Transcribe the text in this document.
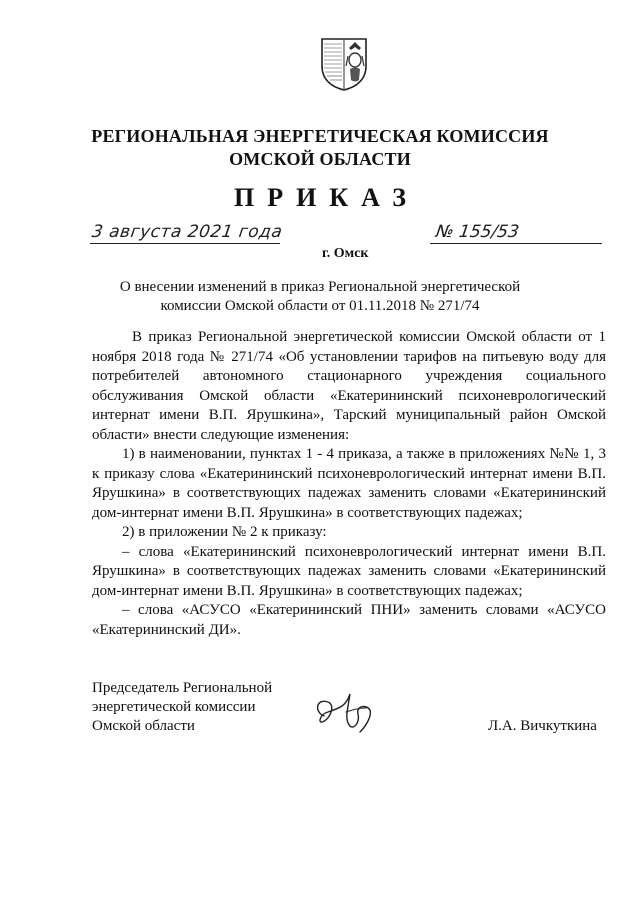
РЕГИОНАЛЬНАЯ ЭНЕРГЕТИЧЕСКАЯ КОМИССИЯ
ОМСКОЙ ОБЛАСТИ
ПРИКАЗ
3 августа 2021 года
г. Омск
№ 155/53
О внесении изменений в приказ Региональной энергетической
комиссии Омской области от 01.11.2018 № 271/74

В приказ Региональной энергетической комиссии Омской области от 1 ноября 2018 года № 271/74 «Об установлении тарифов на питьевую воду для потребителей автономного стационарного учреждения социального обслуживания Омской области «Екатерининский психоневрологический интернат имени В.П. Ярушкина», Тарский муниципальный район Омской области» внести следующие изменения:

1) в наименовании, пунктах 1 - 4 приказа, а также в приложениях №№ 1, 3 к приказу слова «Екатерининский психоневрологический интернат имени В.П. Ярушкина» в соответствующих падежах заменить словами «Екатерининский дом-интернат имени В.П. Ярушкина» в соответствующих падежах;

2) в приложении № 2 к приказу:

– слова «Екатерининский психоневрологический интернат имени В.П. Ярушкина» в соответствующих падежах заменить словами «Екатерининский дом-интернат имени В.П. Ярушкина» в соответствующих падежах;

– слова «АСУСО «Екатерининский ПНИ» заменить словами «АСУСО «Екатерининский ДИ».

Председатель Региональной
энергетической комиссии
Омской области	Л.А. Вичкуткина
